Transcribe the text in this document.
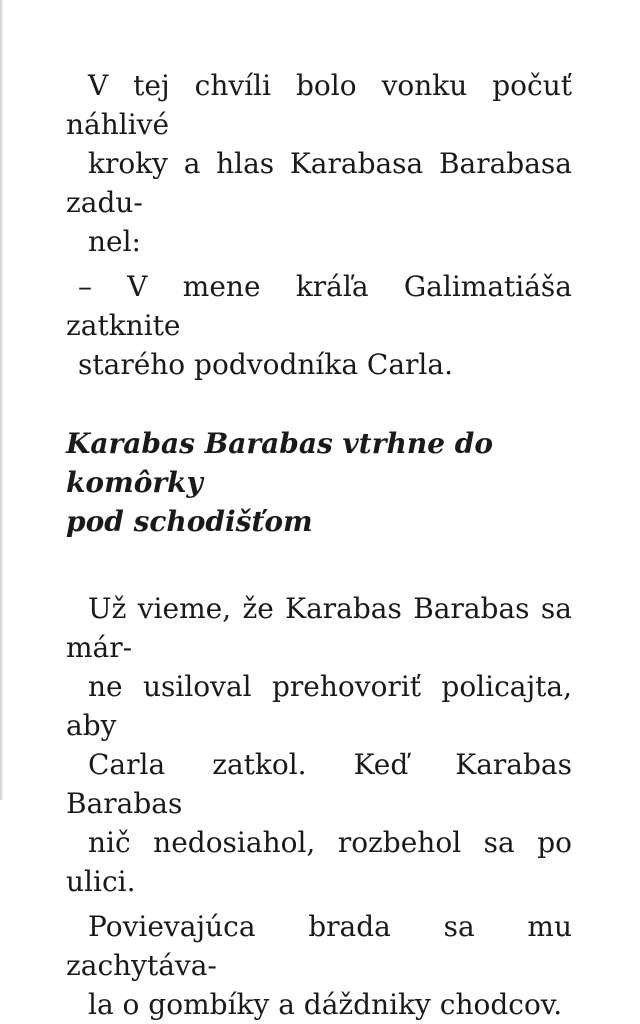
V tej chvíli bolo vonku počuť náhlivé
kroky a hlas Karabasa Barabasa zadu-
nel:
– V mene kráľa Galimatiáša zatknite
starého podvodníka Carla.
Karabas Barabas vtrhne do komôrky
pod schodišťom
Už vieme, že Karabas Barabas sa már-
ne usiloval prehovoriť policajta, aby
Carla zatkol. Keď Karabas Barabas
nič nedosiahol, rozbehol sa po ulici.
Povievajúca brada sa mu zachytáva-
la o gombíky a dáždniky chodcov.
